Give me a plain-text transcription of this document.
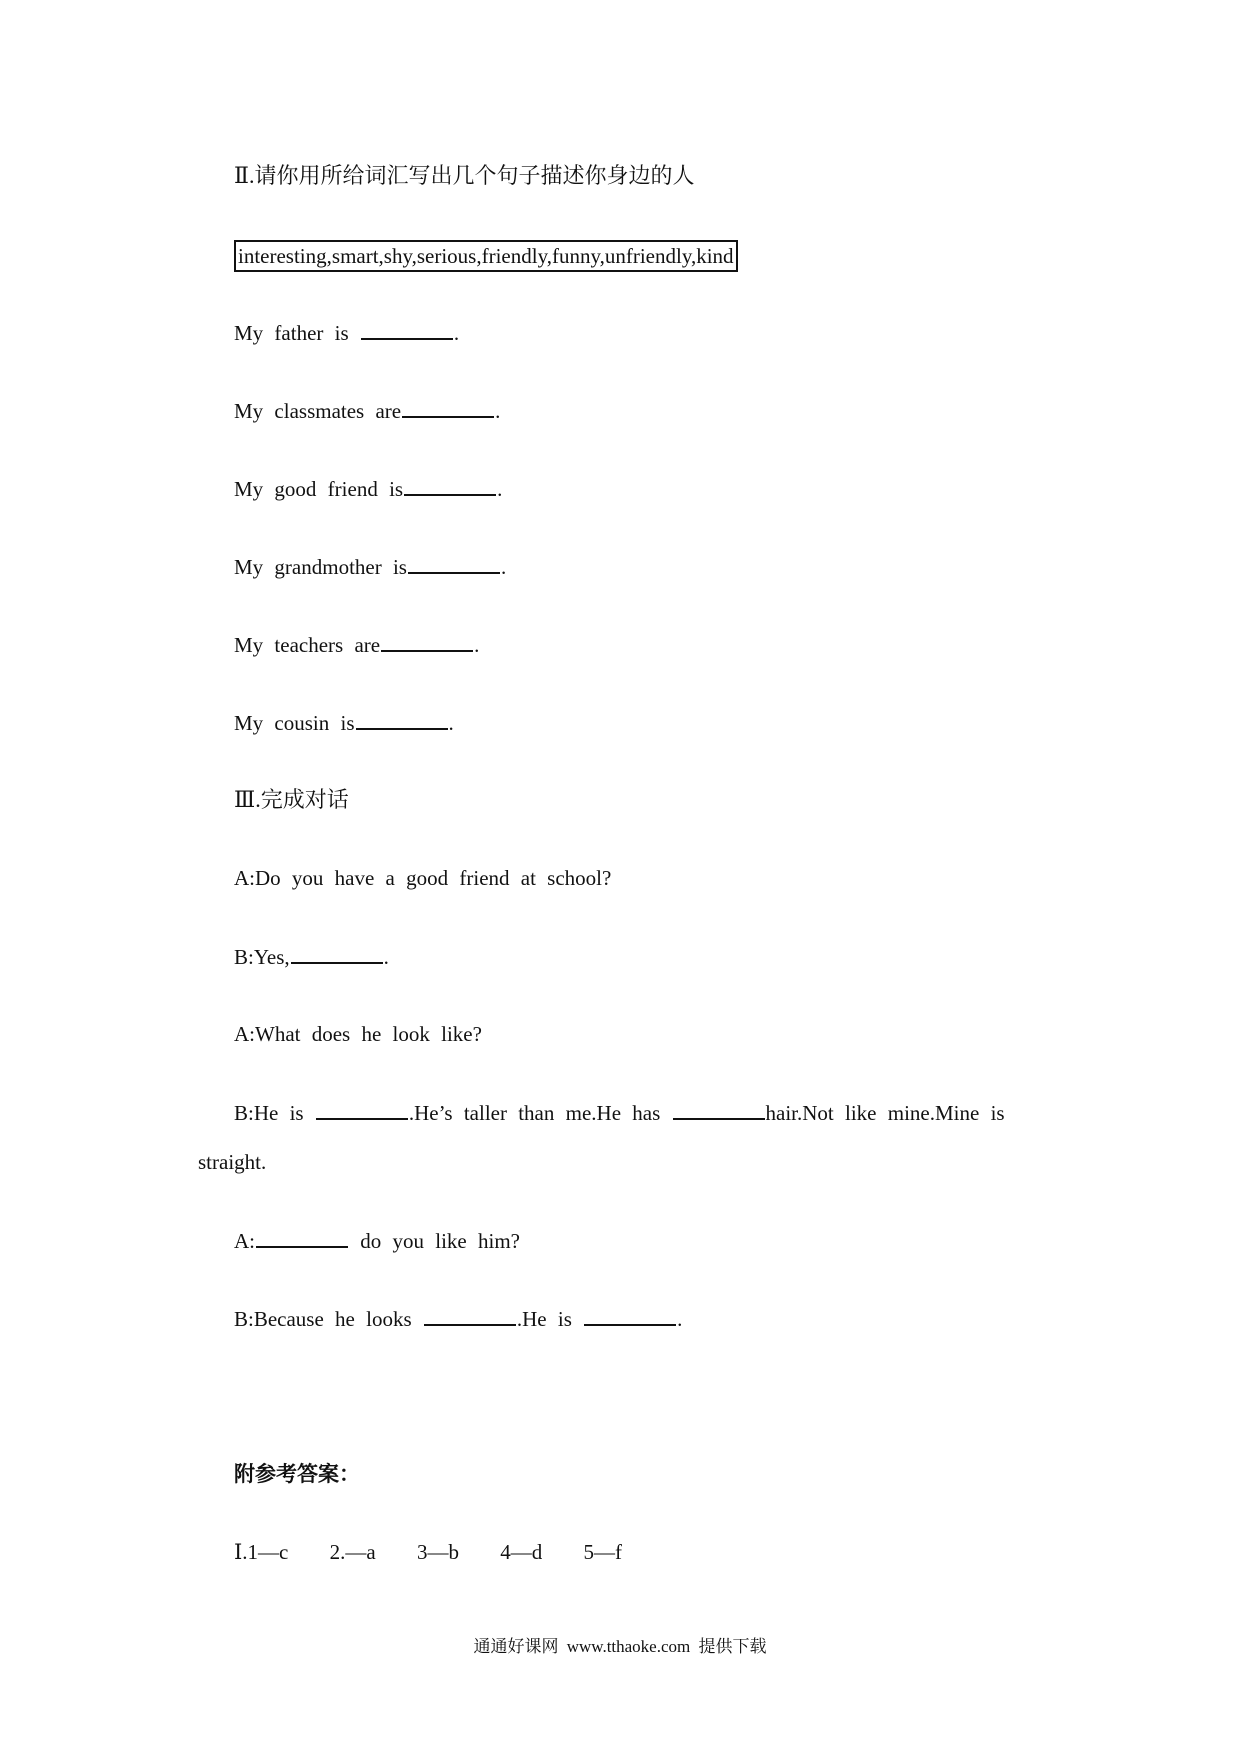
Ⅱ.请你用所给词汇写出几个句子描述你身边的人
interesting,smart,shy,serious,friendly,funny,unfriendly,kind
My father is	.
My classmates are	.
My good friend is	.
My grandmother is	.
My teachers are	.
My cousin is	.
Ⅲ.完成对话
A:Do you have a good friend at school?
B:Yes,	.
A:What does he look like?
B:He is	.He’s taller than me.He has	hair.Not like mine.Mine is
straight.
A:	do you like him?
B:Because he looks	.He is	.
附参考答案：
Ⅰ.1—c 2.—a 3—b 4—d 5—f
通通好课网 www.tthaoke.com 提供下载
